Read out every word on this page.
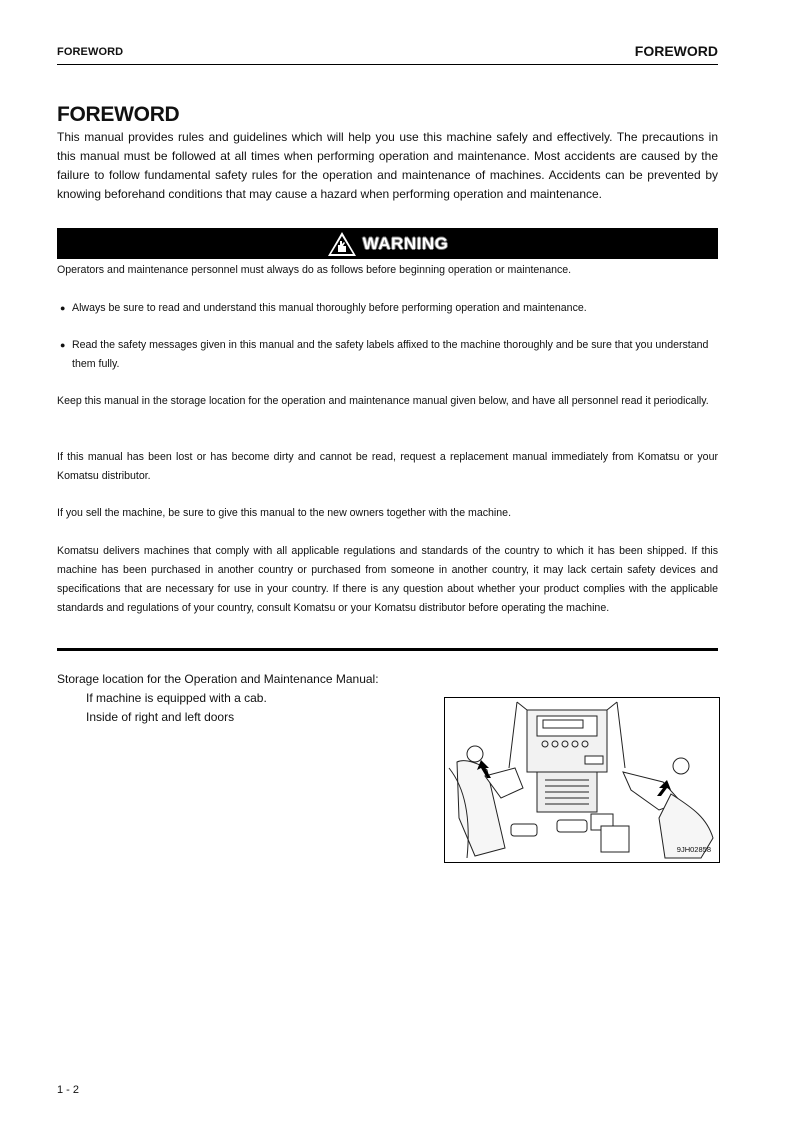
FOREWORD	FOREWORD
FOREWORD
This manual provides rules and guidelines which will help you use this machine safely and effectively. The precautions in this manual must be followed at all times when performing operation and maintenance. Most accidents are caused by the failure to follow fundamental safety rules for the operation and maintenance of machines. Accidents can be prevented by knowing beforehand conditions that may cause a hazard when performing operation and maintenance.
WARNING
Operators and maintenance personnel must always do as follows before beginning operation or maintenance.
● Always be sure to read and understand this manual thoroughly before performing operation and maintenance.
● Read the safety messages given in this manual and the safety labels affixed to the machine thoroughly and be sure that you understand them fully.
Keep this manual in the storage location for the operation and maintenance manual given below, and have all personnel read it periodically.
If this manual has been lost or has become dirty and cannot be read, request a replacement manual immediately from Komatsu or your Komatsu distributor.
If you sell the machine, be sure to give this manual to the new owners together with the machine.
Komatsu delivers machines that comply with all applicable regulations and standards of the country to which it has been shipped. If this machine has been purchased in another country or purchased from someone in another country, it may lack certain safety devices and specifications that are necessary for use in your country. If there is any question about whether your product complies with the applicable standards and regulations of your country, consult Komatsu or your Komatsu distributor before operating the machine.
Storage location for the Operation and Maintenance Manual:
If machine is equipped with a cab.
Inside of right and left doors
9JH02858
1 - 2
